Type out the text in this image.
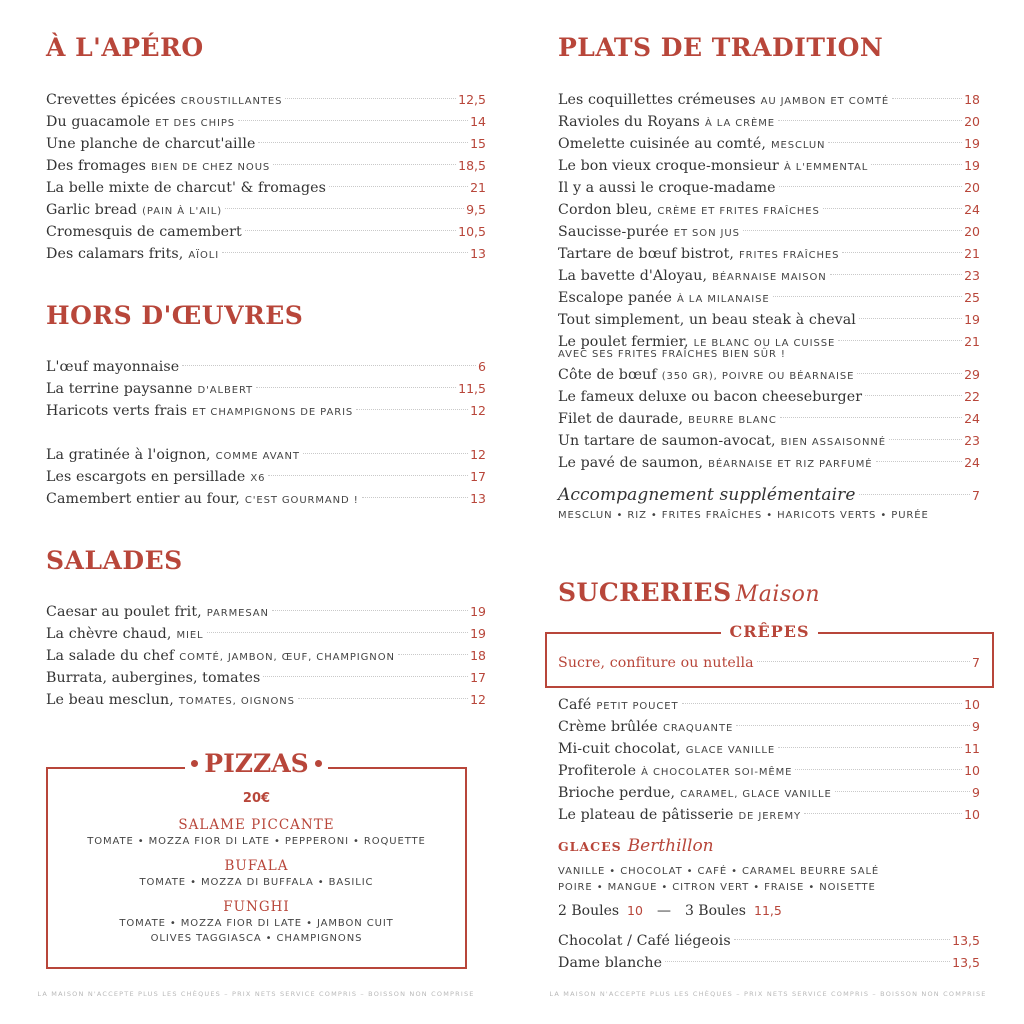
À L'APÉRO
Crevettes épicées CROUSTILLANTES	12,5
Du guacamole ET DES CHIPS	14
Une planche de charcut'aille	15
Des fromages BIEN DE CHEZ NOUS	18,5
La belle mixte de charcut' & fromages	21
Garlic bread (PAIN À L'AIL)	9,5
Cromesquis de camembert	10,5
Des calamars frits, AÏOLI	13
HORS D'ŒUVRES
L'œuf mayonnaise	6
La terrine paysanne D'ALBERT	11,5
Haricots verts frais ET CHAMPIGNONS DE PARIS	12
La gratinée à l'oignon, COMME AVANT	12
Les escargots en persillade X6	17
Camembert entier au four, C'EST GOURMAND !	13
SALADES
Caesar au poulet frit, PARMESAN	19
La chèvre chaud, MIEL	19
La salade du chef COMTÉ, JAMBON, ŒUF, CHAMPIGNON	18
Burrata, aubergines, tomates	17
Le beau mesclun, TOMATES, OIGNONS	12
PIZZAS
20€
SALAME PICCANTE
TOMATE • MOZZA FIOR DI LATE • PEPPERONI • ROQUETTE
BUFALA
TOMATE • MOZZA DI BUFFALA • BASILIC
FUNGHI
TOMATE • MOZZA FIOR DI LATE • JAMBON CUIT
OLIVES TAGGIASCA • CHAMPIGNONS
PLATS DE TRADITION
Les coquillettes crémeuses AU JAMBON ET COMTÉ	18
Ravioles du Royans À LA CRÈME	20
Omelette cuisinée au comté, MESCLUN	19
Le bon vieux croque-monsieur À L'EMMENTAL	19
Il y a aussi le croque-madame	20
Cordon bleu, CRÈME ET FRITES FRAÎCHES	24
Saucisse-purée ET SON JUS	20
Tartare de bœuf bistrot, FRITES FRAÎCHES	21
La bavette d'Aloyau, BÉARNAISE MAISON	23
Escalope panée À LA MILANAISE	25
Tout simplement, un beau steak à cheval	19
Le poulet fermier, LE BLANC OU LA CUISSE	21
AVEC SES FRITES FRAÎCHES BIEN SÛR !
Côte de bœuf (350 GR), POIVRE OU BÉARNAISE	29
Le fameux deluxe ou bacon cheeseburger	22
Filet de daurade, BEURRE BLANC	24
Un tartare de saumon-avocat, BIEN ASSAISONNÉ	23
Le pavé de saumon, BÉARNAISE ET RIZ PARFUMÉ	24
Accompagnement supplémentaire	7
MESCLUN • RIZ • FRITES FRAÎCHES • HARICOTS VERTS • PURÉE
SUCRERIES Maison
CRÊPES
Sucre, confiture ou nutella	7
Café PETIT POUCET	10
Crème brûlée CRAQUANTE	9
Mi-cuit chocolat, GLACE VANILLE	11
Profiterole À CHOCOLATER SOI-MÊME	10
Brioche perdue, CARAMEL, GLACE VANILLE	9
Le plateau de pâtisserie DE JEREMY	10
GLACES Berthillon
VANILLE • CHOCOLAT • CAFÉ • CARAMEL BEURRE SALÉ
POIRE • MANGUE • CITRON VERT • FRAISE • NOISETTE
2 Boules 10 — 3 Boules 11,5
Chocolat / Café liégeois	13,5
Dame blanche	13,5
LA MAISON N'ACCEPTE PLUS LES CHÈQUES – PRIX NETS SERVICE COMPRIS – BOISSON NON COMPRISE	LA MAISON N'ACCEPTE PLUS LES CHÈQUES – PRIX NETS SERVICE COMPRIS – BOISSON NON COMPRISE
